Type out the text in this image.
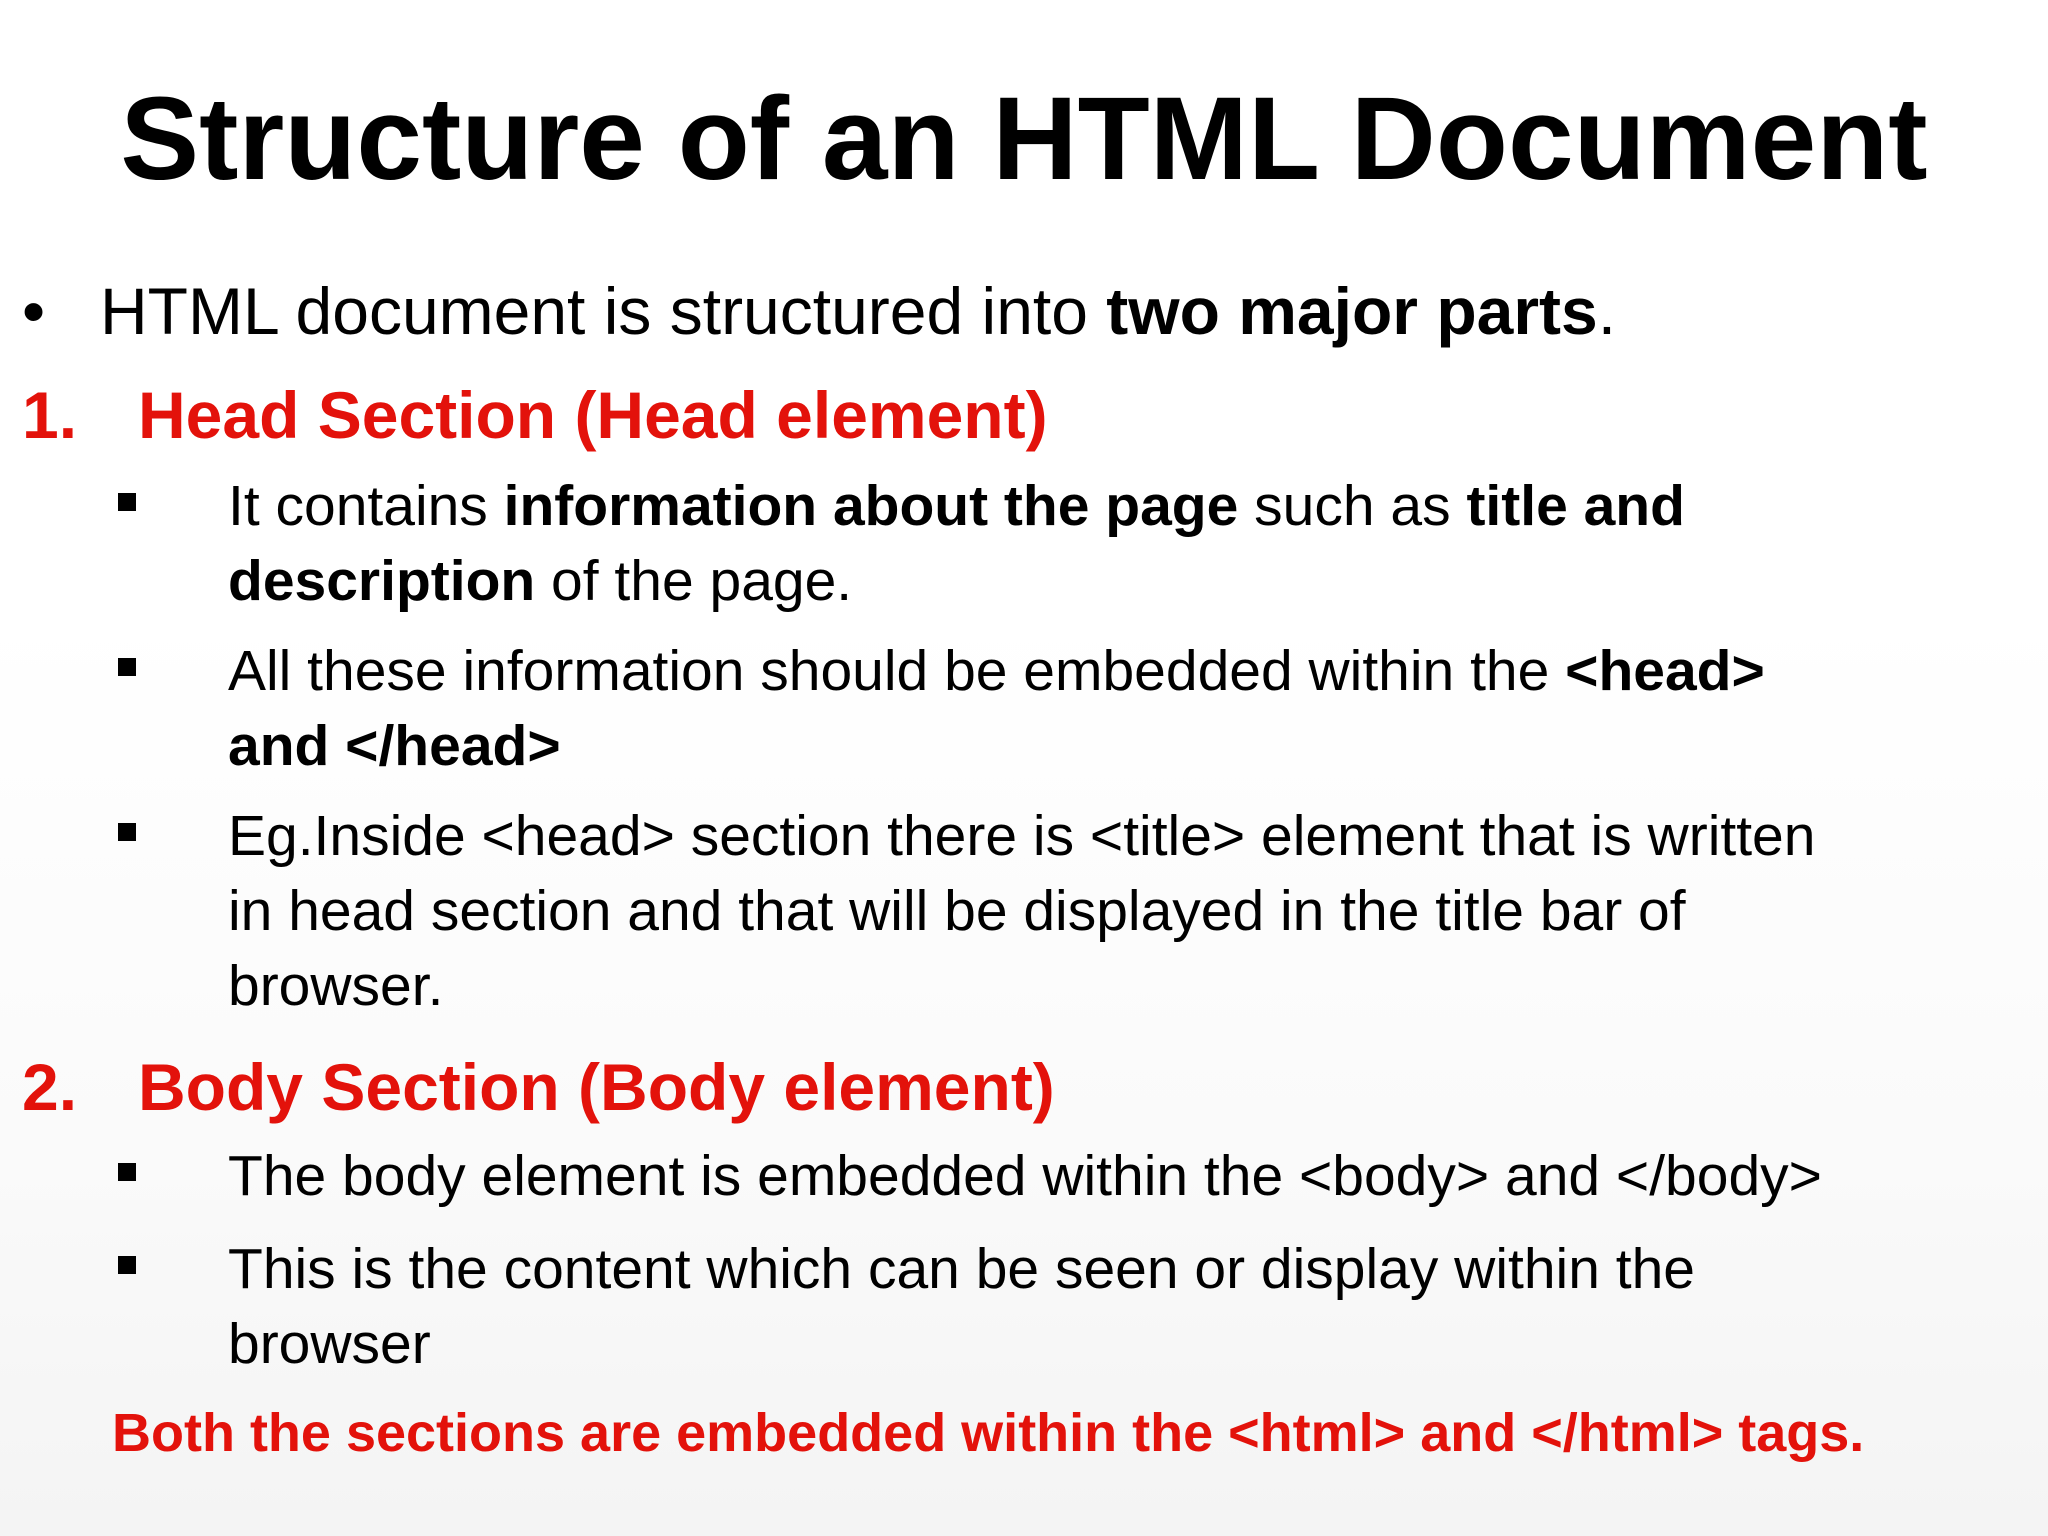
Structure of an HTML Document
• HTML document is structured into two major parts.
1. Head Section (Head element)
It contains information about the page such as title and
description of the page.
All these information should be embedded within the <head>
and </head>
Eg.Inside <head> section there is <title> element that is written
in head section and that will be displayed in the title bar of
browser.
2. Body Section (Body element)
The body element is embedded within the <body> and </body>
This is the content which can be seen or display within the
browser
Both the sections are embedded within the <html> and </html> tags.
